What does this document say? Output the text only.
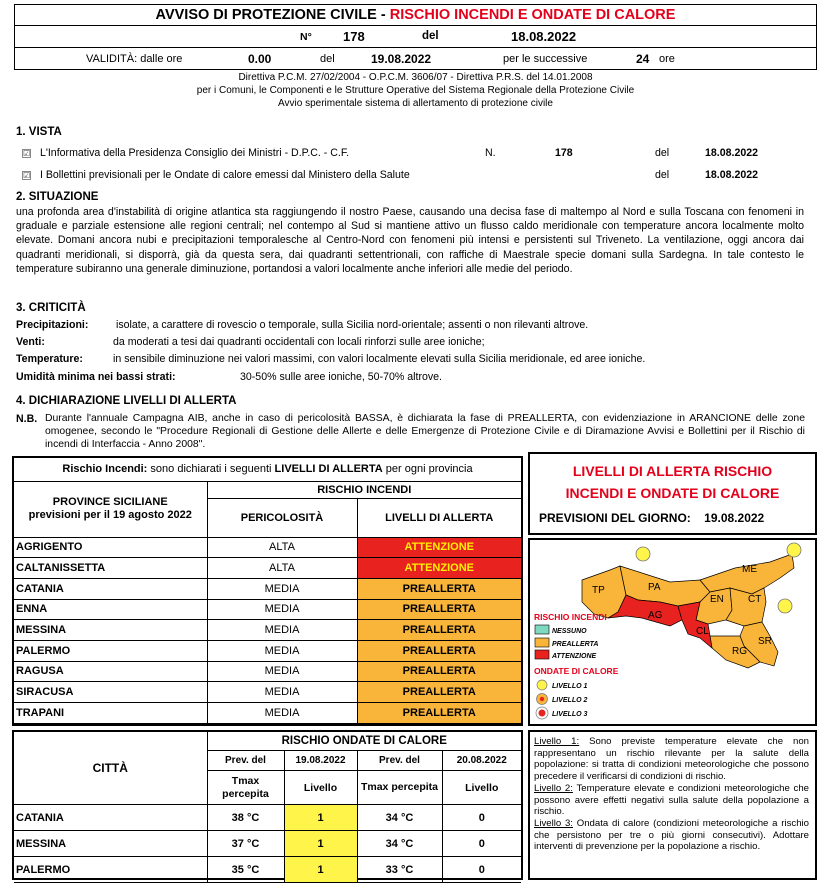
AVVISO DI PROTEZIONE CIVILE - RISCHIO INCENDI E ONDATE DI CALORE
N° 178	del	18.08.2022
VALIDITÀ: dalle ore	0.00	del	19.08.2022	per le successive	24 ore
Direttiva P.C.M. 27/02/2004 - O.P.C.M. 3606/07 - Direttiva P.R.S. del 14.01.2008
per i Comuni, le Componenti e le Strutture Operative del Sistema Regionale della Protezione Civile
Avvio sperimentale sistema di allertamento di protezione civile
1. VISTA
☑ L'Informativa della Presidenza Consiglio dei Ministri - D.P.C. - C.F.	N.	178	del	18.08.2022
☑ I Bollettini previsionali per le Ondate di calore emessi dal Ministero della Salute	del	18.08.2022
2. SITUAZIONE
una profonda area d'instabilità di origine atlantica sta raggiungendo il nostro Paese, causando una decisa fase di maltempo al Nord e sulla Toscana con fenomeni in graduale e parziale estensione alle regioni centrali; nel contempo al Sud si mantiene attivo un flusso caldo meridionale con temperature ancora localmente molto elevate. Domani ancora nubi e precipitazioni temporalesche al Centro-Nord con fenomeni più intensi e persistenti sul Triveneto. La ventilazione, oggi ancora dai quadranti meridionali, si disporrà, già da questa sera, dai quadranti settentrionali, con raffiche di Maestrale specie domani sulla Sardegna. In tale contesto le temperature subiranno una generale diminuzione, portandosi a valori localmente anche inferiori alle medie del periodo.
3. CRITICITÀ
Precipitazioni:	isolate, a carattere di rovescio o temporale, sulla Sicilia nord-orientale; assenti o non rilevanti altrove.
Venti:	da moderati a tesi dai quadranti occidentali con locali rinforzi sulle aree ioniche;
Temperature:	in sensibile diminuzione nei valori massimi, con valori localmente elevati sulla Sicilia meridionale, ed aree ioniche.
Umidità minima nei bassi strati:	30-50% sulle aree ioniche, 50-70% altrove.
4. DICHIARAZIONE LIVELLI DI ALLERTA
N.B. Durante l'annuale Campagna AIB, anche in caso di pericolosità BASSA, è dichiarata la fase di PREALLERTA, con evidenziazione in ARANCIONE delle zone omogenee, secondo le "Procedure Regionali di Gestione delle Allerte e delle Emergenze di Protezione Civile e di Diramazione Avvisi e Bollettini per il Rischio di incendi di Interfaccia - Anno 2008".
Rischio Incendi: sono dichiarati i seguenti LIVELLI DI ALLERTA per ogni provincia
PROVINCE SICILIANE previsioni per il 19 agosto 2022	RISCHIO INCENDI	
	PERICOLOSITÀ	LIVELLI DI ALLERTA
AGRIGENTO	ALTA	ATTENZIONE
CALTANISSETTA	ALTA	ATTENZIONE
CATANIA	MEDIA	PREALLERTA
ENNA	MEDIA	PREALLERTA
MESSINA	MEDIA	PREALLERTA
PALERMO	MEDIA	PREALLERTA
RAGUSA	MEDIA	PREALLERTA
SIRACUSA	MEDIA	PREALLERTA
TRAPANI	MEDIA	PREALLERTA
LIVELLI DI ALLERTA RISCHIO
INCENDI E ONDATE DI CALORE
PREVISIONI DEL GIORNO: 19.08.2022
TP	PA
ME
AG
EN CT
CL
SR
RG
RISCHIO INCENDI
NESSUNO
PREALLERTA
ATTENZIONE
ONDATE DI CALORE
LIVELLO 1
LIVELLO 2
LIVELLO 3
CITTÀ	RISCHIO ONDATE DI CALORE			
	Prev. del	19.08.2022	Prev. del	20.08.2022
	Tmax percepita	Livello	Tmax percepita	Livello
CATANIA	38 °C	1	34 °C	0
MESSINA	37 °C	1	34 °C	0
PALERMO	35 °C	1	33 °C	0
Livello 1: Sono previste temperature elevate che non rappresentano un rischio rilevante per la salute della popolazione: si tratta di condizioni meteorologiche che possono precedere il verificarsi di condizioni di rischio.
Livello 2: Temperature elevate e condizioni meteorologiche che possono avere effetti negativi sulla salute della popolazione a rischio.
Livello 3: Ondata di calore (condizioni meteorologiche a rischio che persistono per tre o più giorni consecutivi). Adottare interventi di prevenzione per la popolazione a rischio.
